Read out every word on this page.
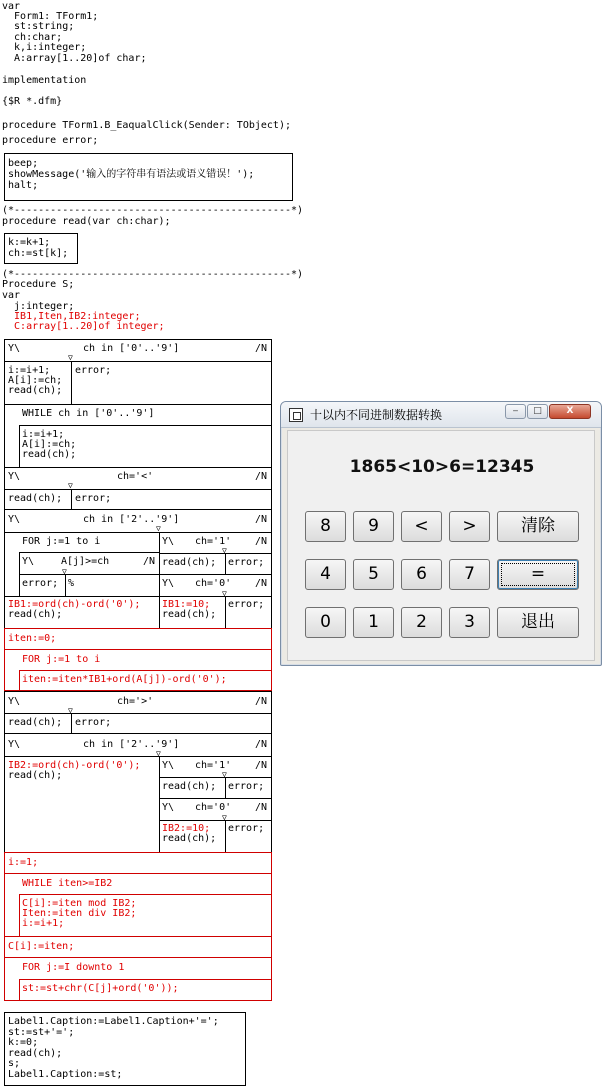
var
Form1: TForm1;
st:string;
ch:char;
k,i:integer;
A:array[1..20]of char;
implementation
{$R *.dfm}
procedure TForm1.B_EaqualClick(Sender: TObject);
procedure error;
beep;
showMessage('输入的字符串有语法或语义错误！');
halt;
(*----------------------------------------------*)
procedure read(var ch:char);
k:=k+1;
ch:=st[k];
(*----------------------------------------------*)
Procedure S;
var
j:integer;
IB1,Iten,IB2:integer;
C:array[1..20]of integer;
Y\	ch in ['0'..'9']	/N
▽
i:=i+1;
A[i]:=ch;
read(ch);
error;
WHILE ch in ['0'..'9']
i:=i+1;
A[i]:=ch;
read(ch);
Y\	ch='<'	/N
▽
read(ch); error;
Y\	ch in ['2'..'9']	/N
▽
FOR j:=1 to i
Y\	A[j]>=ch	/N
▽
error; %
IB1:=ord(ch)-ord('0');
read(ch);
Y\ ch='1' /N
▽
read(ch); error;
Y\ ch='0' /N
▽
IB1:=10;
read(ch);
error;
iten:=0;
FOR j:=1 to i
iten:=iten*IB1+ord(A[j])-ord('0');
Y\	ch='>'	/N
▽
read(ch); error;
Y\	ch in ['2'..'9']	/N
▽
IB2:=ord(ch)-ord('0');
read(ch);
Y\ ch='1' /N
▽
read(ch); error;
Y\ ch='0' /N
▽
IB2:=10;
read(ch);
error;
i:=1;
WHILE iten>=IB2
C[i]:=iten mod IB2;
Iten:=iten div IB2;
i:=i+1;
C[i]:=iten;
FOR j:=I downto 1
st:=st+chr(C[j]+ord('0'));
Label1.Caption:=Label1.Caption+'=';
st:=st+'=';
k:=0;
read(ch);
s;
Label1.Caption:=st;
十以内不同进制数据转换	‒	□	X
1865<10>6=12345
8	9	<	>	清除
4	5	6	7	=
0	1	2	3	退出
